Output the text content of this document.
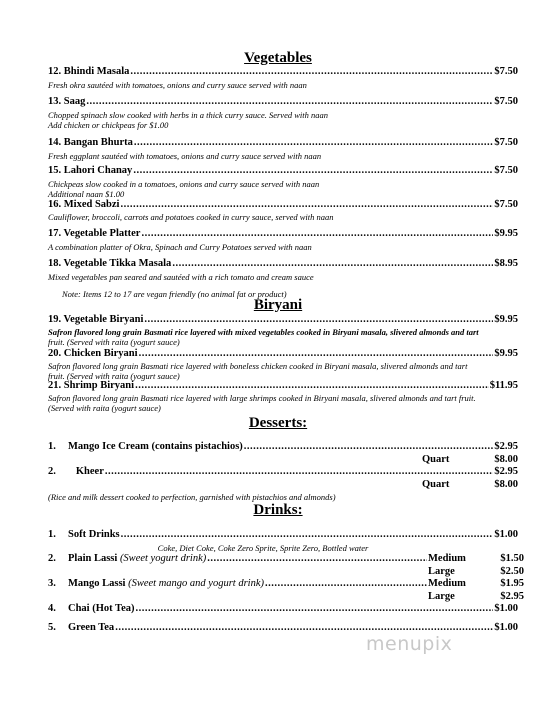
Vegetables
12. Bhindi Masala .....	$7.50

Fresh okra sautéed with tomatoes, onions and curry sauce served with naan

13. Saag .....	$7.50

Chopped spinach slow cooked with herbs in a thick curry sauce. Served with naan

Add chicken or chickpeas for $1.00

14. Bangan Bhurta .....	$7.50

Fresh eggplant sautéed with tomatoes, onions and curry sauce served with naan

15. Lahori Chanay .....	$7.50

Chickpeas slow cooked in a tomatoes, onions and curry sauce served with naan

Additional naan $1.00

16. Mixed Sabzi .....	$7.50

Cauliflower, broccoli, carrots and potatoes cooked in curry sauce, served with naan

17. Vegetable Platter .....	$9.95

A combination platter of Okra, Spinach and Curry Potatoes served with naan

18. Vegetable Tikka Masala .....	$8.95

Mixed vegetables pan seared and sautéed with a rich tomato and cream sauce

Note: Items 12 to 17 are vegan friendly (no animal fat or product)

Biryani
19. Vegetable Biryani .....	$9.95

Safron flavored long grain Basmati rice layered with mixed vegetables cooked in Biryani masala, slivered almonds and tart

fruit. (Served with raita (yogurt sauce)

20. Chicken Biryani .....	$9.95

Safron flavored long grain Basmati rice layered with boneless chicken cooked in Biryani masala, slivered almonds and tart

fruit. (Served with raita (yogurt sauce)

21. Shrimp Biryani .....	$11.95

Safron flavored long grain Basmati rice layered with large shrimps cooked in Biryani masala, slivered almonds and tart fruit.

(Served with raita (yogurt sauce)

Desserts:
1. Mango Ice Cream (contains pistachios) .....	$2.95
Quart	$8.00
2. Kheer .....	$2.95
Quart	$8.00

(Rice and milk dessert cooked to perfection, garnished with pistachios and almonds)

Drinks:
1. Soft Drinks .....	$1.00

Coke, Diet Coke, Coke Zero Sprite, Sprite Zero, Bottled water

2. Plain Lassi (Sweet yogurt drink) .....	Medium	$1.50
Large	$2.50
3. Mango Lassi (Sweet mango and yogurt drink) .....	Medium	$1.95
Large	$2.95
4. Chai (Hot Tea) .....	$1.00
5. Green Tea .....	$1.00
menupix
